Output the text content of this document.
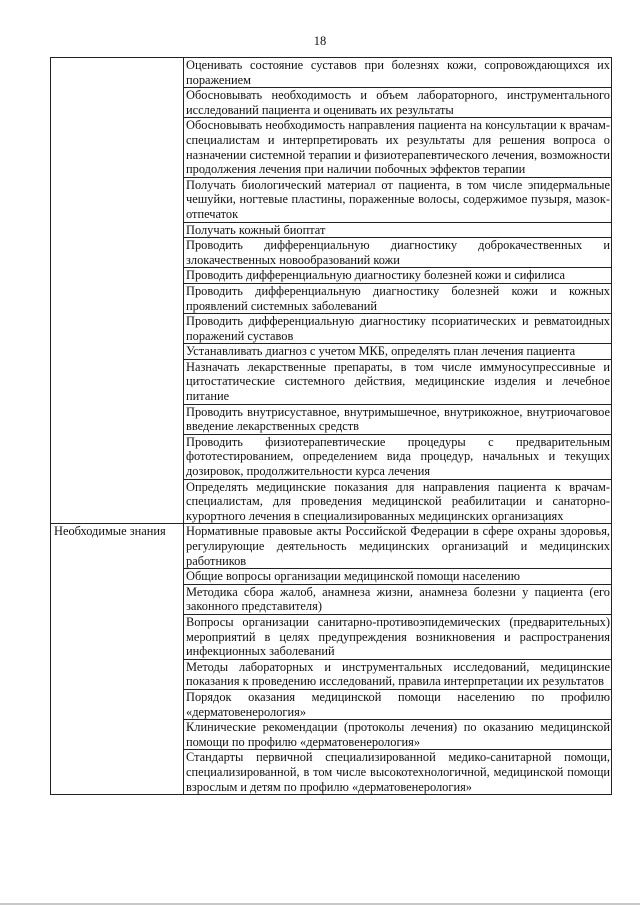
18
	Оценивать состояние суставов при болезнях кожи, сопровождающихся их поражением
	Обосновывать необходимость и объем лабораторного, инструментального исследований пациента и оценивать их результаты
	Обосновывать необходимость направления пациента на консультации к врачам-специалистам и интерпретировать их результаты для решения вопроса о назначении системной терапии и физиотерапевтического лечения, возможности продолжения лечения при наличии побочных эффектов терапии
	Получать биологический материал от пациента, в том числе эпидермальные чешуйки, ногтевые пластины, пораженные волосы, содержимое пузыря, мазок-отпечаток
	Получать кожный биоптат
	Проводить дифференциальную диагностику доброкачественных и злокачественных новообразований кожи
	Проводить дифференциальную диагностику болезней кожи и сифилиса
	Проводить дифференциальную диагностику болезней кожи и кожных проявлений системных заболеваний
	Проводить дифференциальную диагностику псориатических и ревматоидных поражений суставов
	Устанавливать диагноз с учетом МКБ, определять план лечения пациента
	Назначать лекарственные препараты, в том числе иммуносупрессивные и цитостатические системного действия, медицинские изделия и лечебное питание
	Проводить внутрисуставное, внутримышечное, внутрикожное, внутриочаговое введение лекарственных средств
	Проводить физиотерапевтические процедуры с предварительным фототестированием, определением вида процедур, начальных и текущих дозировок, продолжительности курса лечения
	Определять медицинские показания для направления пациента к врачам-специалистам, для проведения медицинской реабилитации и санаторно-курортного лечения в специализированных медицинских организациях
Необходимые знания	Нормативные правовые акты Российской Федерации в сфере охраны здоровья, регулирующие деятельность медицинских организаций и медицинских работников
	Общие вопросы организации медицинской помощи населению
	Методика сбора жалоб, анамнеза жизни, анамнеза болезни у пациента (его законного представителя)
	Вопросы организации санитарно-противоэпидемических (предварительных) мероприятий в целях предупреждения возникновения и распространения инфекционных заболеваний
	Методы лабораторных и инструментальных исследований, медицинские показания к проведению исследований, правила интерпретации их результатов
	Порядок оказания медицинской помощи населению по профилю «дерматовенерология»
	Клинические рекомендации (протоколы лечения) по оказанию медицинской помощи по профилю «дерматовенерология»
	Стандарты первичной специализированной медико-санитарной помощи, специализированной, в том числе высокотехнологичной, медицинской помощи взрослым и детям по профилю «дерматовенерология»
